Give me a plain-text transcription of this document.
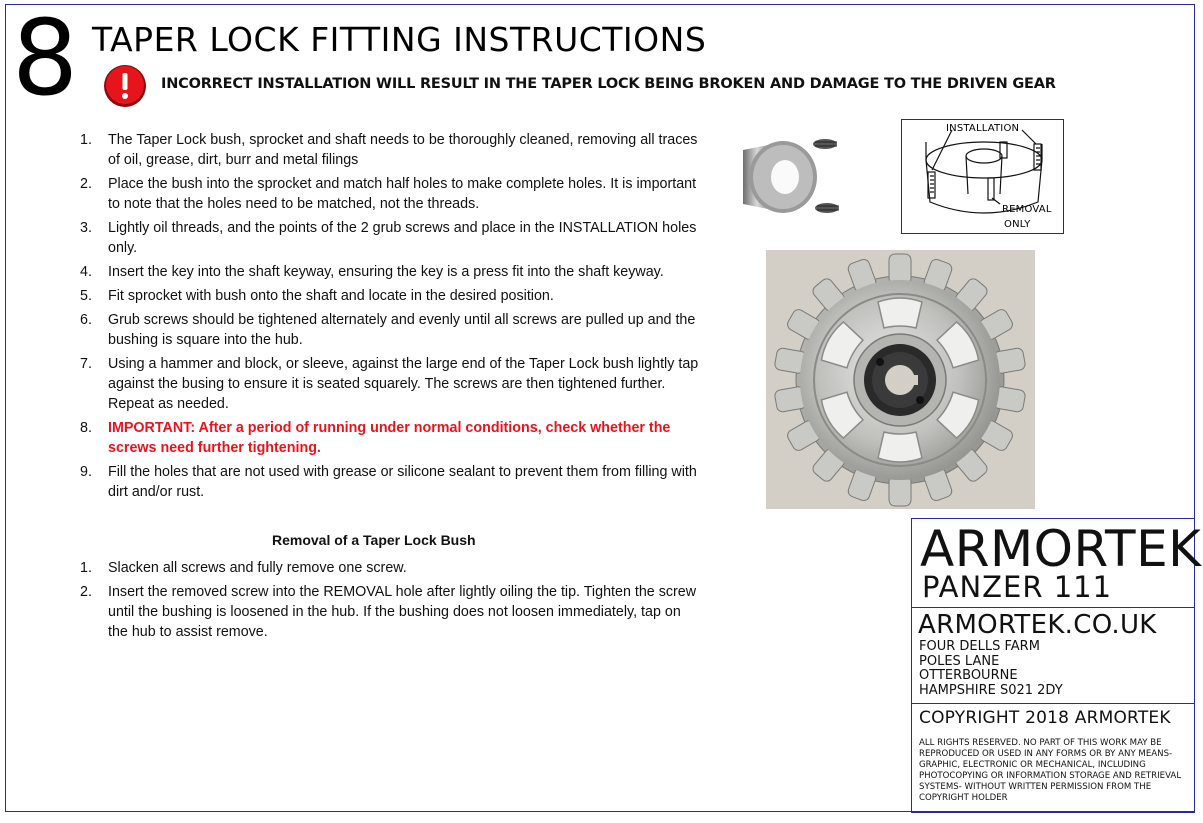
8 TAPER LOCK FITTING INSTRUCTIONS
INCORRECT INSTALLATION WILL RESULT IN THE TAPER LOCK BEING BROKEN AND DAMAGE TO THE DRIVEN GEAR
1.	The Taper Lock bush, sprocket and shaft needs to be thoroughly cleaned, removing all traces of oil, grease, dirt, burr and metal filings
2.	Place the bush into the sprocket and match half holes to make complete holes. It is important to note that the holes need to be matched, not the threads.
3.	Lightly oil threads, and the points of the 2 grub screws and place in the INSTALLATION holes only.
4.	Insert the key into the shaft keyway, ensuring the key is a press fit into the shaft keyway.
5.	Fit sprocket with bush onto the shaft and locate in the desired position.
6.	Grub screws should be tightened alternately and evenly until all screws are pulled up and the bushing is square into the hub.
7.	Using a hammer and block, or sleeve, against the large end of the Taper Lock bush lightly tap against the busing to ensure it is seated squarely. The screws are then tightened further. Repeat as needed.
8.	IMPORTANT: After a period of running under normal conditions, check whether the screws need further tightening.
9.	Fill the holes that are not used with grease or silicone sealant to prevent them from filling with dirt and/or rust.
Removal of a Taper Lock Bush
1.	Slacken all screws and fully remove one screw.
2.	Insert the removed screw into the REMOVAL hole after lightly oiling the tip. Tighten the screw until the bushing is loosened in the hub. If the bushing does not loosen immediately, tap on the hub to assist remove.
INSTALLATION
REMOVAL
ONLY
ARMORTEK
PANZER 111
ARMORTEK.CO.UK
FOUR DELLS FARM
POLES LANE
OTTERBOURNE
HAMPSHIRE S021 2DY
COPYRIGHT 2018 ARMORTEK
ALL RIGHTS RESERVED. NO PART OF THIS WORK MAY BE REPRODUCED OR USED IN ANY FORMS OR BY ANY MEANS- GRAPHIC, ELECTRONIC OR MECHANICAL, INCLUDING PHOTOCOPYING OR INFORMATION STORAGE AND RETRIEVAL SYSTEMS- WITHOUT WRITTEN PERMISSION FROM THE COPYRIGHT HOLDER
